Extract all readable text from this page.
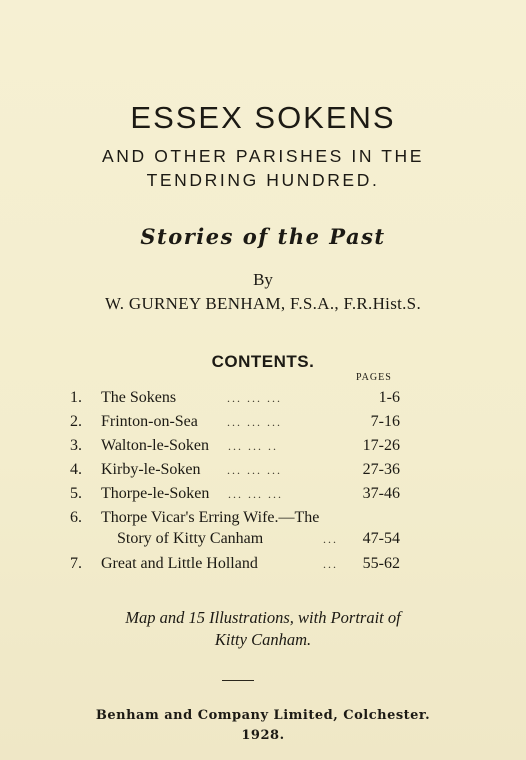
ESSEX SOKENS
AND OTHER PARISHES IN THE
TENDRING HUNDRED.
Stories of the Past
By
W. GURNEY BENHAM, F.S.A., F.R.Hist.S.
CONTENTS.
PAGES
1. The Sokens	... ... ...	1-6
2. Frinton-on-Sea ... ... ...	7-16
3. Walton-le-Soken ... ... ..	17-26
4. Kirby-le-Soken ... ... ...	27-36
5. Thorpe-le-Soken ... ... ...	37-46
6. Thorpe Vicar's Erring Wife.—The
Story of Kitty Canham	... 47-54
7. Great and Little Holland	... 55-62
Map and 15 Illustrations, with Portrait of
Kitty Canham.
Benham and Company Limited, Colchester.
1928.
